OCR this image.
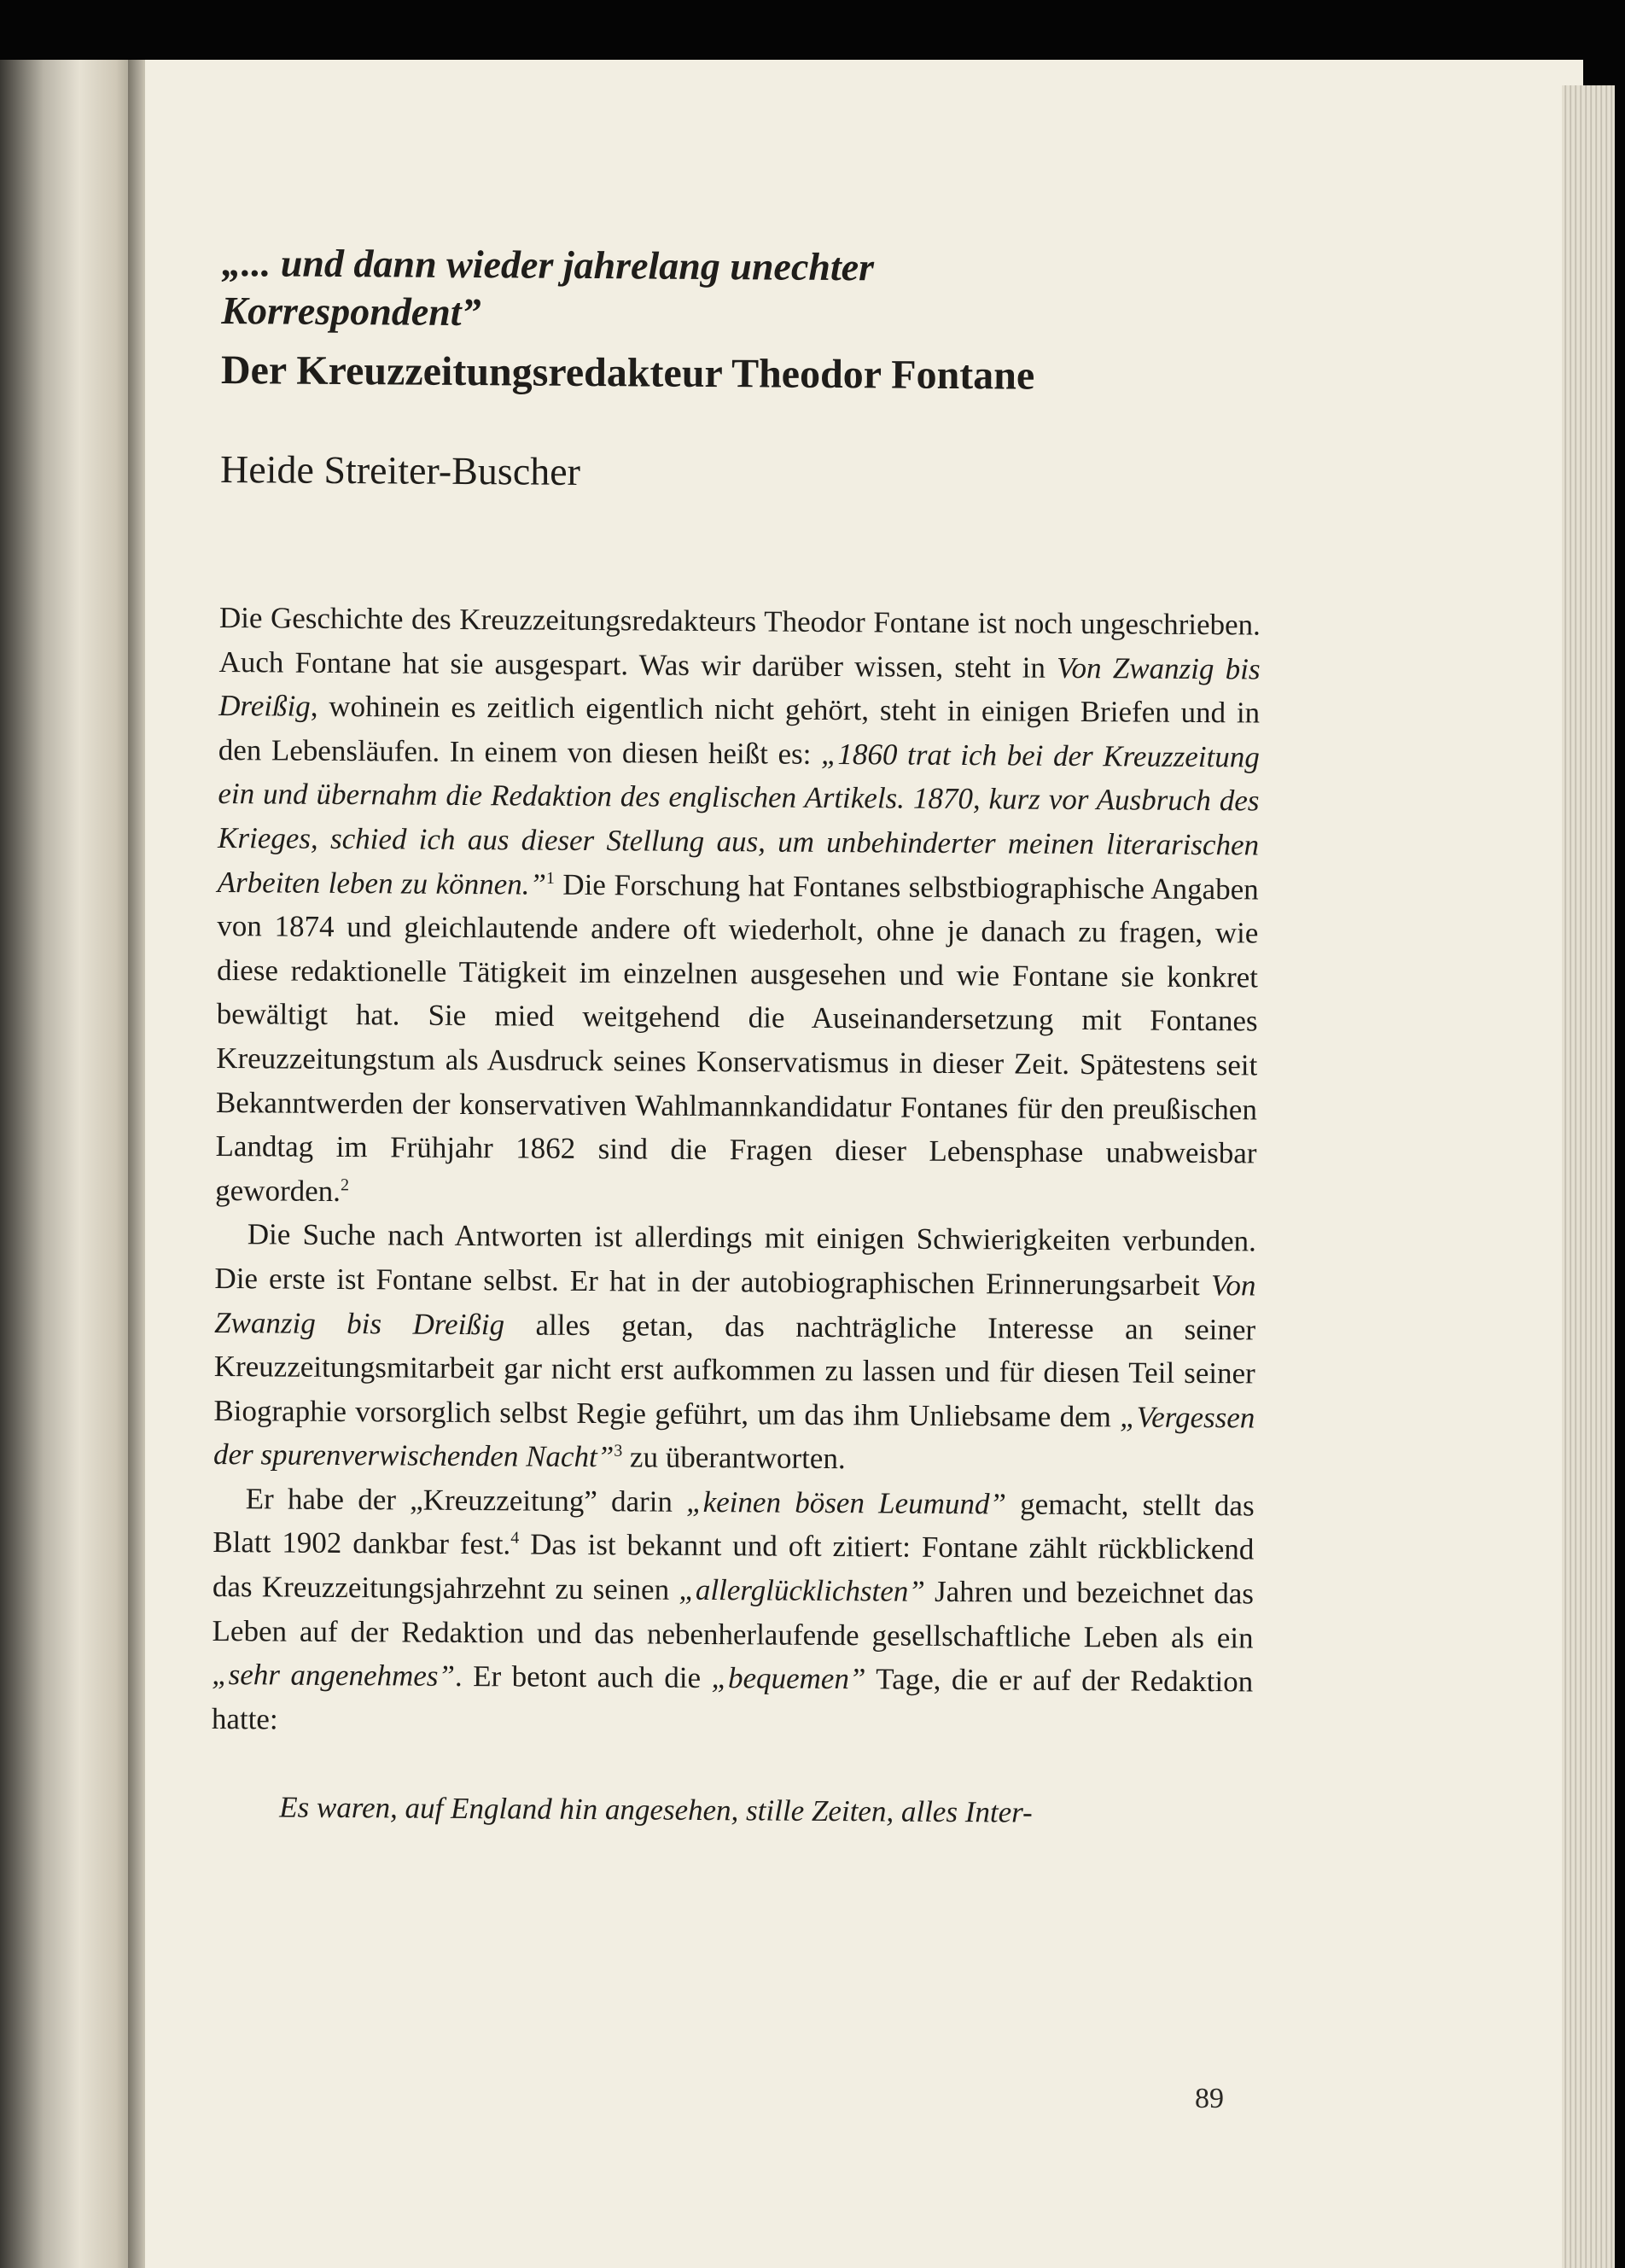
„... und dann wieder jahrelang unechter
Korrespondent”
Der Kreuzzeitungsredakteur Theodor Fontane
Heide Streiter-Buscher

Die Geschichte des Kreuzzeitungsredakteurs Theodor Fontane ist noch ungeschrieben. Auch Fontane hat sie ausgespart. Was wir darüber wissen, steht in Von Zwanzig bis Dreißig, wohinein es zeitlich eigentlich nicht gehört, steht in einigen Briefen und in den Lebensläufen. In einem von diesen heißt es: „1860 trat ich bei der Kreuzzeitung ein und übernahm die Redaktion des englischen Artikels. 1870, kurz vor Ausbruch des Krieges, schied ich aus dieser Stellung aus, um unbehinderter meinen literarischen Arbeiten leben zu können.”$^1$ Die Forschung hat Fontanes selbstbiographische Angaben von 1874 und gleichlautende andere oft wiederholt, ohne je danach zu fragen, wie diese redaktionelle Tätigkeit im einzelnen ausgesehen und wie Fontane sie konkret bewältigt hat. Sie mied weitgehend die Auseinandersetzung mit Fontanes Kreuzzeitungstum als Ausdruck seines Konservatismus in dieser Zeit. Spätestens seit Bekanntwerden der konservativen Wahlmannkandidatur Fontanes für den preußischen Landtag im Frühjahr 1862 sind die Fragen dieser Lebensphase unabweisbar geworden.$^2$

Die Suche nach Antworten ist allerdings mit einigen Schwierigkeiten verbunden. Die erste ist Fontane selbst. Er hat in der autobiographischen Erinnerungsarbeit Von Zwanzig bis Dreißig alles getan, das nachträgliche Interesse an seiner Kreuzzeitungsmitarbeit gar nicht erst aufkommen zu lassen und für diesen Teil seiner Biographie vorsorglich selbst Regie geführt, um das ihm Unliebsame dem „Vergessen der spurenverwischenden Nacht”$^3$ zu überantworten.

Er habe der „Kreuzzeitung” darin „keinen bösen Leumund” gemacht, stellt das Blatt 1902 dankbar fest.$^4$ Das ist bekannt und oft zitiert: Fontane zählt rückblickend das Kreuzzeitungsjahrzehnt zu seinen „allerglücklichsten” Jahren und bezeichnet das Leben auf der Redaktion und das nebenherlaufende gesellschaftliche Leben als ein „sehr angenehmes”. Er betont auch die „bequemen” Tage, die er auf der Redaktion hatte:

Es waren, auf England hin angesehen, stille Zeiten, alles Inter-
89
